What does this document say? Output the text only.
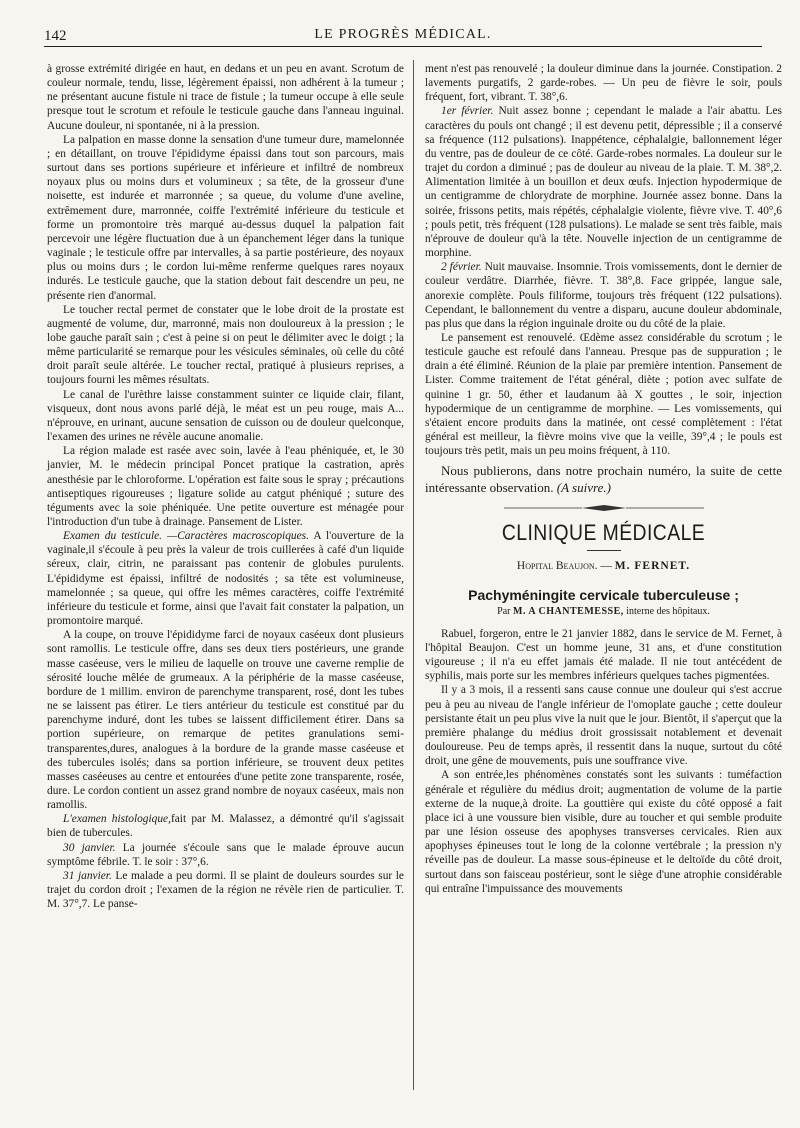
142	LE PROGRÈS MÉDICAL.

à grosse extrémité dirigée en haut, en dedans et un peu en avant. Scrotum de couleur normale, tendu, lisse, légèrement épaissi, non adhérent à la tumeur ; ne présentant aucune fistule ni trace de fistule ; la tumeur occupe à elle seule presque tout le scrotum et refoule le testicule gauche dans l'anneau inguinal. Aucune douleur, ni spontanée, ni à la pression.

La palpation en masse donne la sensation d'une tumeur dure, mamelonnée ; en détaillant, on trouve l'épididyme épaissi dans tout son parcours, mais surtout dans ses portions supérieure et inférieure et infiltré de nombreux noyaux plus ou moins durs et volumineux ; sa tête, de la grosseur d'une noisette, est indurée et marronnée ; sa queue, du volume d'une aveline, extrêmement dure, marronnée, coiffe l'extrémité inférieure du testicule et forme un promontoire très marqué au-dessus duquel la palpation fait percevoir une légère fluctuation due à un épanchement léger dans la tunique vaginale ; le testicule offre par intervalles, à sa partie postérieure, des noyaux plus ou moins durs ; le cordon lui-même renferme quelques rares noyaux indurés. Le testicule gauche, que la station debout fait descendre un peu, ne présente rien d'anormal.

Le toucher rectal permet de constater que le lobe droit de la prostate est augmenté de volume, dur, marronné, mais non douloureux à la pression ; le lobe gauche paraît sain ; c'est à peine si on peut le délimiter avec le doigt ; la même particularité se remarque pour les vésicules séminales, où celle du côté droit paraît seule altérée. Le toucher rectal, pratiqué à plusieurs reprises, a toujours fourni les mêmes résultats.

Le canal de l'urèthre laisse constamment suinter ce liquide clair, filant, visqueux, dont nous avons parlé déjà, le méat est un peu rouge, mais A... n'éprouve, en urinant, aucune sensation de cuisson ou de douleur quelconque, l'examen des urines ne révèle aucune anomalie.

La région malade est rasée avec soin, lavée à l'eau phéniquée, et, le 30 janvier, M. le médecin principal Poncet pratique la castration, après anesthésie par le chloroforme. L'opération est faite sous le spray ; précautions antiseptiques rigoureuses ; ligature solide au catgut phéniqué ; suture des téguments avec la soie phéniquée. Une petite ouverture est ménagée pour l'introduction d'un tube à drainage. Pansement de Lister.

Examen du testicule. —Caractères macroscopiques. A l'ouverture de la vaginale,il s'écoule à peu près la valeur de trois cuillerées à café d'un liquide séreux, clair, citrin, ne paraissant pas contenir de globules purulents. L'épididyme est épaissi, infiltré de nodosités ; sa tête est volumineuse, mamelonnée ; sa queue, qui offre les mêmes caractères, coiffe l'extrémité inférieure du testicule et forme, ainsi que l'avait fait constater la palpation, un promontoire marqué.

A la coupe, on trouve l'épididyme farci de noyaux caséeux dont plusieurs sont ramollis. Le testicule offre, dans ses deux tiers postérieurs, une grande masse caséeuse, vers le milieu de laquelle on trouve une caverne remplie de sérosité louche mêlée de grumeaux. A la périphérie de la masse caséeuse, bordure de 1 millim. environ de parenchyme transparent, rosé, dont les tubes ne se laissent pas étirer. Le tiers antérieur du testicule est constitué par du parenchyme induré, dont les tubes se laissent difficilement étirer. Dans sa portion supérieure, on remarque de petites granulations semi-transparentes,dures, analogues à la bordure de la grande masse caséeuse et des tubercules isolés; dans sa portion inférieure, se trouvent deux petites masses caséeuses au centre et entourées d'une petite zone transparente, rosée, dure. Le cordon contient un assez grand nombre de noyaux caséeux, mais non ramollis.

L'examen histologique,fait par M. Malassez, a démontré qu'il s'agissait bien de tubercules.

30 janvier. La journée s'écoule sans que le malade éprouve aucun symptôme fébrile. T. le soir : 37°,6.

31 janvier. Le malade a peu dormi. Il se plaint de douleurs sourdes sur le trajet du cordon droit ; l'examen de la région ne révèle rien de particulier. T. M. 37°,7. Le panse-

ment n'est pas renouvelé ; la douleur diminue dans la journée. Constipation. 2 lavements purgatifs, 2 garde-robes. — Un peu de fièvre le soir, pouls fréquent, fort, vibrant. T. 38°,6.

1er février. Nuit assez bonne ; cependant le malade a l'air abattu. Les caractères du pouls ont changé ; il est devenu petit, dépressible ; il a conservé sa fréquence (112 pulsations). Inappétence, céphalalgie, ballonnement léger du ventre, pas de douleur de ce côté. Garde-robes normales. La douleur sur le trajet du cordon a diminué ; pas de douleur au niveau de la plaie. T. M. 38°,2. Alimentation limitée à un bouillon et deux œufs. Injection hypodermique de un centigramme de chlorydrate de morphine. Journée assez bonne. Dans la soirée, frissons petits, mais répétés, céphalalgie violente, fièvre vive. T. 40°,6 ; pouls petit, très fréquent (128 pulsations). Le malade se sent très faible, mais n'éprouve de douleur qu'à la tête. Nouvelle injection de un centigramme de morphine.

2 février. Nuit mauvaise. Insomnie. Trois vomissements, dont le dernier de couleur verdâtre. Diarrhée, fièvre. T. 38°,8. Face grippée, langue sale, anorexie complète. Pouls filiforme, toujours très fréquent (122 pulsations). Cependant, le ballonnement du ventre a disparu, aucune douleur abdominale, pas plus que dans la région inguinale droite ou du côté de la plaie.

Le pansement est renouvelé. Œdème assez considérable du scrotum ; le testicule gauche est refoulé dans l'anneau. Presque pas de suppuration ; le drain a été éliminé. Réunion de la plaie par première intention. Pansement de Lister. Comme traitement de l'état général, diète ; potion avec sulfate de quinine 1 gr. 50, éther et laudanum àà X gouttes , le soir, injection hypodermique de un centigramme de morphine. — Les vomissements, qui s'étaient encore produits dans la matinée, ont cessé complètement : l'état général est meilleur, la fièvre moins vive que la veille, 39°,4 ; le pouls est toujours très petit, mais un peu moins fréquent, à 110.

Nous publierons, dans notre prochain numéro, la suite de cette intéressante observation. (A suivre.)

CLINIQUE MÉDICALE
Hopital Beaujon. — M. FERNET.
Pachyméningite cervicale tuberculeuse ;
Par M. A CHANTEMESSE, interne des hôpitaux.

Rabuel, forgeron, entre le 21 janvier 1882, dans le service de M. Fernet, à l'hôpital Beaujon. C'est un homme jeune, 31 ans, et d'une constitution vigoureuse ; il n'a eu effet jamais été malade. Il nie tout antécédent de syphilis, mais porte sur les membres inférieurs quelques taches pigmentées.

Il y a 3 mois, il a ressenti sans cause connue une douleur qui s'est accrue peu à peu au niveau de l'angle inférieur de l'omoplate gauche ; cette douleur persistante était un peu plus vive la nuit que le jour. Bientôt, il s'aperçut que la première phalange du médius droit grossissait notablement et devenait douloureuse. Peu de temps après, il ressentit dans la nuque, surtout du côté droit, une gêne de mouvements, puis une souffrance vive.

A son entrée,les phénomènes constatés sont les suivants : tuméfaction générale et régulière du médius droit; augmentation de volume de la partie externe de la nuque,à droite. La gouttière qui existe du côté opposé a fait place ici à une voussure bien visible, dure au toucher et qui semble produite par une lésion osseuse des apophyses transverses cervicales. Rien aux apophyses épineuses tout le long de la colonne vertébrale ; la pression n'y réveille pas de douleur. La masse sous-épineuse et le deltoïde du côté droit, surtout dans son faisceau postérieur, sont le siège d'une atrophie considérable qui entraîne l'impuissance des mouvements
